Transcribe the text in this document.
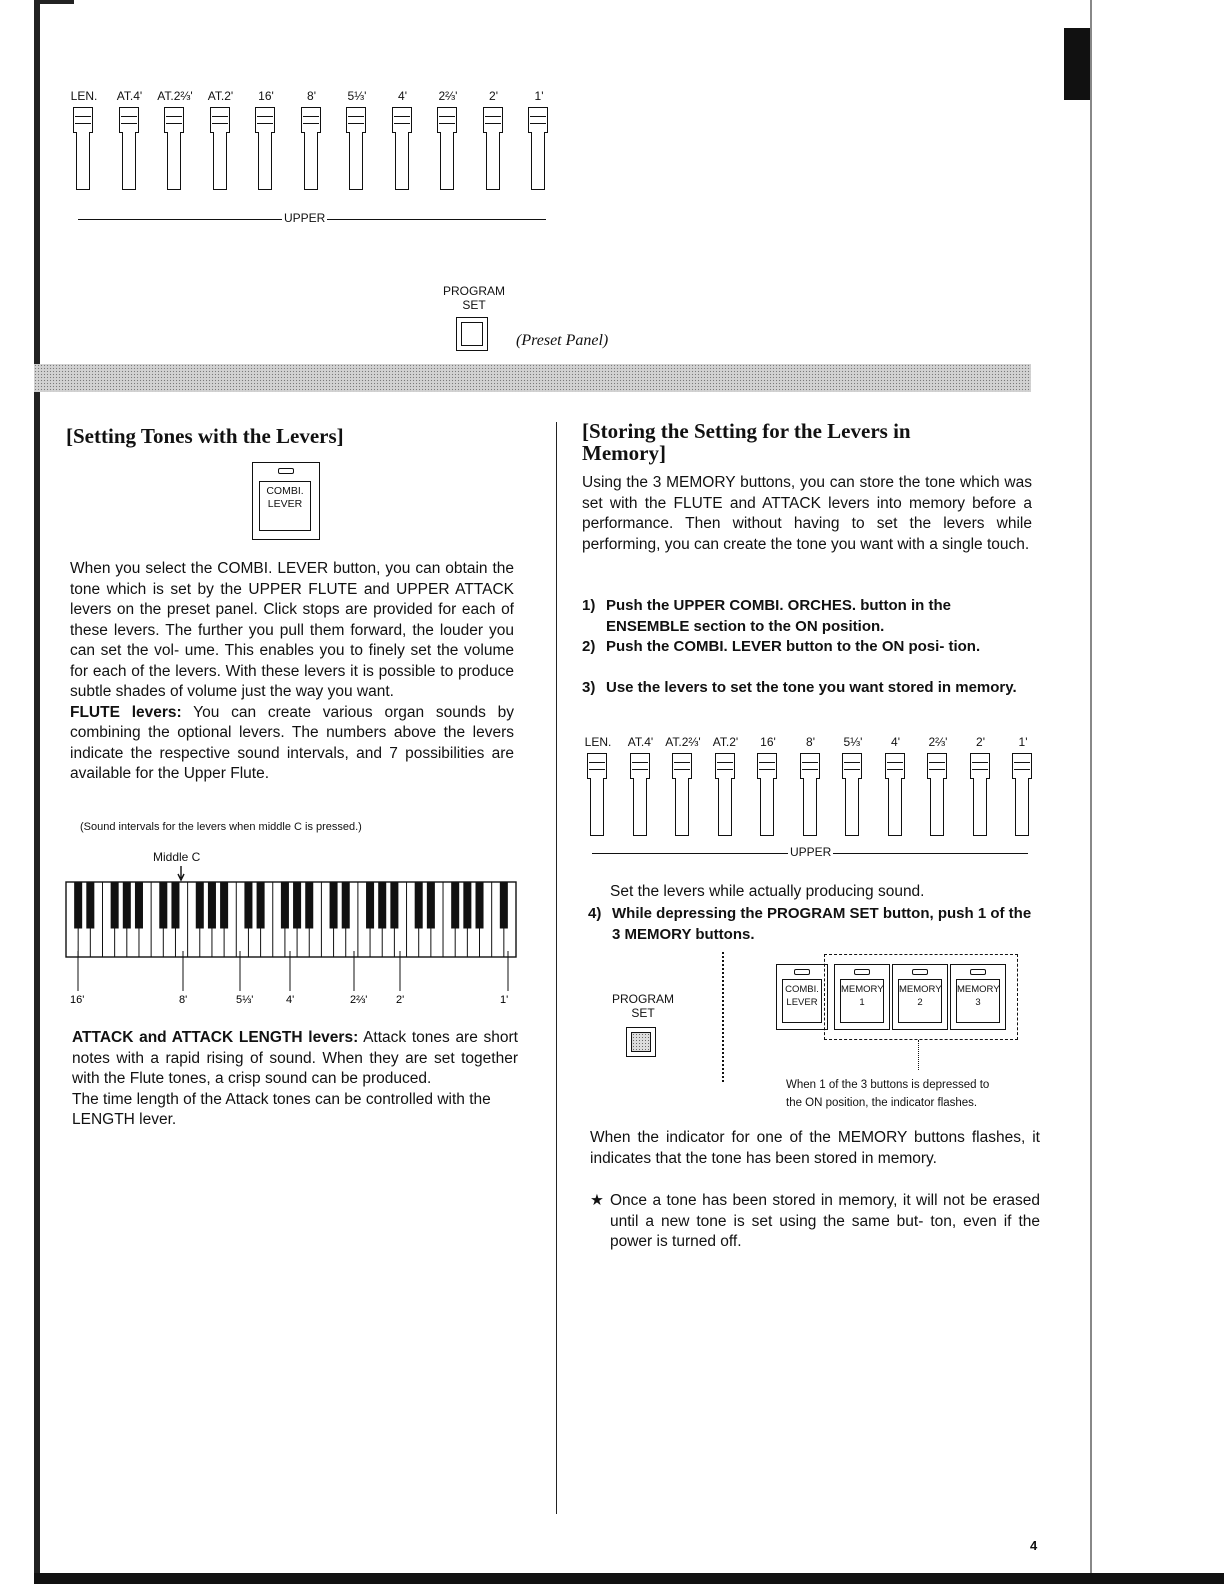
LEN.	AT.4'	AT.2⅔'	AT.2'	16'	8'	5⅓'	4'	2⅔'	2'	1'
UPPER
PROGRAM
SET
(Preset Panel)
[Setting Tones with the Levers]
COMBI.
LEVER

When you select the COMBI. LEVER button, you can obtain the tone which is set by the UPPER FLUTE and UPPER ATTACK levers on the preset panel. Click stops are provided for each of these levers. The further you pull them forward, the louder you can set the vol- ume. This enables you to finely set the volume for each of the levers. With these levers it is possible to produce subtle shades of volume just the way you want.

FLUTE levers: You can create various organ sounds by combining the optional levers. The numbers above the levers indicate the respective sound intervals, and 7 possibilities are available for the Upper Flute.

(Sound intervals for the levers when middle C is pressed.)
Middle C
16'	8'	5⅓'	4'	2⅔'	2'	1'

ATTACK and ATTACK LENGTH levers: Attack tones are short notes with a rapid rising of sound. When they are set together with the Flute tones, a crisp sound can be produced.

The time length of the Attack tones can be controlled with the LENGTH lever.

[Storing the Setting for the Levers in
Memory]
Using the 3 MEMORY buttons, you can store the tone which was set with the FLUTE and ATTACK levers into memory before a performance. Then without having to set the levers while performing, you can create the tone you want with a single touch.
1) Push the UPPER COMBI. ORCHES. button in the ENSEMBLE section to the ON position.
2) Push the COMBI. LEVER button to the ON posi- tion.
3) Use the levers to set the tone you want stored in memory.
LEN.	AT.4'	AT.2⅔'	AT.2'	16'	8'	5⅓'	4'	2⅔'	2'	1'
UPPER
Set the levers while actually producing sound.
4) While depressing the PROGRAM SET button, push 1 of the 3 MEMORY buttons.
PROGRAM
SET
COMBI.
LEVER
MEMORY
1
MEMORY
2
MEMORY
3
When 1 of the 3 buttons is depressed to
the ON position, the indicator flashes.
When the indicator for one of the MEMORY buttons flashes, it indicates that the tone has been stored in memory.
★ Once a tone has been stored in memory, it will not be erased until a new tone is set using the same but- ton, even if the power is turned off.
4
